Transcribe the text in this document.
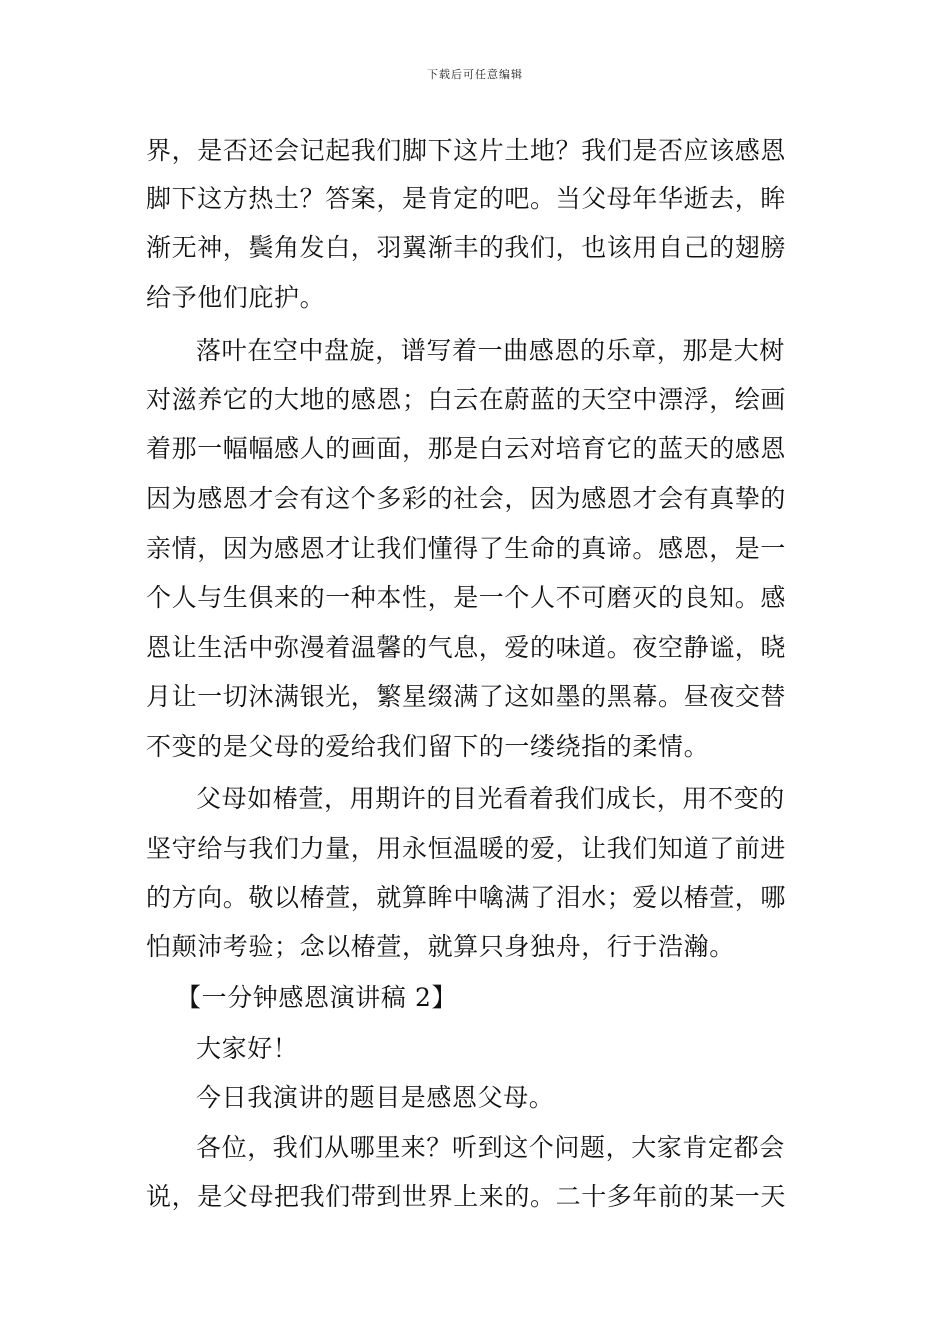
下载后可任意编辑
界，是否还会记起我们脚下这片土地？我们是否应该感恩
脚下这方热土？答案，是肯定的吧。当父母年华逝去，眸
渐无神，鬓角发白，羽翼渐丰的我们，也该用自己的翅膀
给予他们庇护。
落叶在空中盘旋，谱写着一曲感恩的乐章，那是大树
对滋养它的大地的感恩；白云在蔚蓝的天空中漂浮，绘画
着那一幅幅感人的画面，那是白云对培育它的蓝天的感恩
因为感恩才会有这个多彩的社会，因为感恩才会有真挚的
亲情，因为感恩才让我们懂得了生命的真谛。感恩，是一
个人与生俱来的一种本性，是一个人不可磨灭的良知。感
恩让生活中弥漫着温馨的气息，爱的味道。夜空静谧，晓
月让一切沐满银光，繁星缀满了这如墨的黑幕。昼夜交替
不变的是父母的爱给我们留下的一缕绕指的柔情。
父母如椿萱，用期许的目光看着我们成长，用不变的
坚守给与我们力量，用永恒温暖的爱，让我们知道了前进
的方向。敬以椿萱，就算眸中噙满了泪水；爱以椿萱，哪
怕颠沛考验；念以椿萱，就算只身独舟，行于浩瀚。
【一分钟感恩演讲稿 2】
大家好！
今日我演讲的题目是感恩父母。
各位，我们从哪里来？听到这个问题，大家肯定都会
说，是父母把我们带到世界上来的。二十多年前的某一天
